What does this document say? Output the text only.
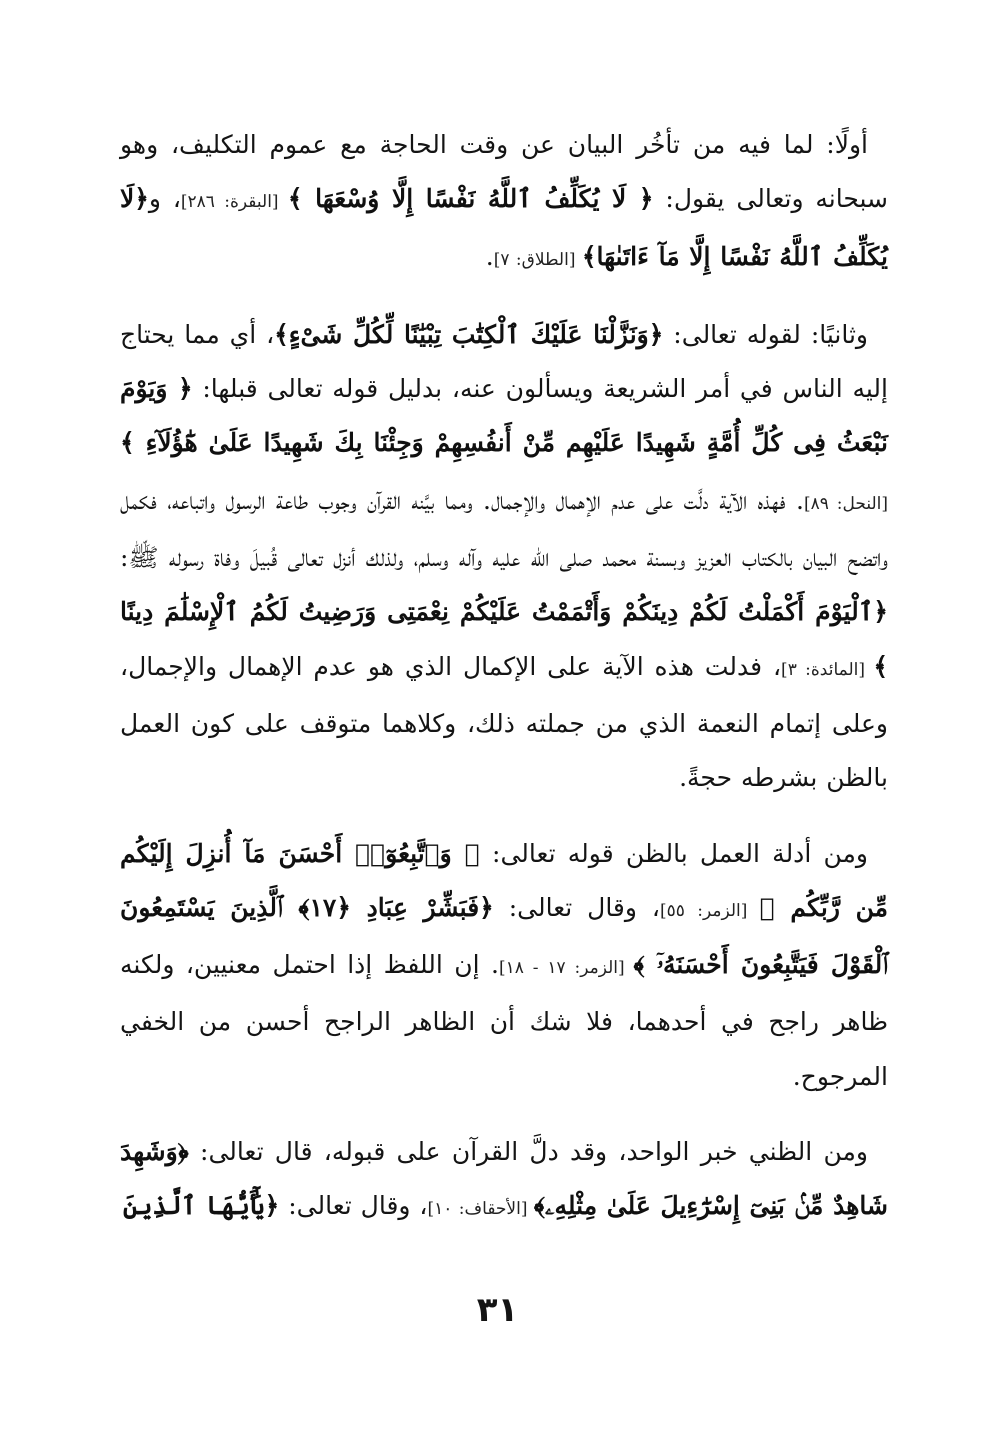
أولًا: لما فيه من تأخُر البيان عن وقت الحاجة مع عموم التكليف، وهو سبحانه وتعالى يقول: ﴿ لَا يُكَلِّفُ ٱللَّهُ نَفْسًا إِلَّا وُسْعَهَا ﴾ [البقرة: ٢٨٦]، و﴿لَا يُكَلِّفُ ٱللَّهُ نَفْسًا إِلَّا مَآ ءَاتَىٰهَا﴾ [الطلاق: ٧].

وثانيًا: لقوله تعالى: ﴿وَنَزَّلْنَا عَلَيْكَ ٱلْكِتَٰبَ تِبْيَٰنًا لِّكُلِّ شَىْءٍ﴾، أي مما يحتاج إليه الناس في أمر الشريعة ويسألون عنه، بدليل قوله تعالى قبلها: ﴿ وَيَوْمَ نَبْعَثُ فِى كُلِّ أُمَّةٍ شَهِيدًا عَلَيْهِم مِّنْ أَنفُسِهِمْ وَجِئْنَا بِكَ شَهِيدًا عَلَىٰ هَٰٓؤُلَآءِ ﴾ [النحل: ٨٩]. فهذه الآية دلَّت على عدم الإهمال والإجمال. ومما بيَّنه القرآن وجوب طاعة الرسول واتباعه، فكمل واتضح البيان بالكتاب العزيز وبسنة محمد صلى الله عليه وآله وسلم، ولذلك أنزل تعالى قُبيلَ وفاة رسوله ﷺ: ﴿ٱلْيَوْمَ أَكْمَلْتُ لَكُمْ دِينَكُمْ وَأَتْمَمْتُ عَلَيْكُمْ نِعْمَتِى وَرَضِيتُ لَكُمُ ٱلْإِسْلَٰمَ دِينًا ﴾ [المائدة: ٣]، فدلت هذه الآية على الإكمال الذي هو عدم الإهمال والإجمال، وعلى إتمام النعمة الذي من جملته ذلك، وكلاهما متوقف على كون العمل بالظن بشرطه حجةً.

ومن أدلة العمل بالظن قوله تعالى: ﴿ وَٱتَّبِعُوٓا۟ أَحْسَنَ مَآ أُنزِلَ إِلَيْكُم مِّن رَّبِّكُم ﴾ [الزمر: ٥٥]، وقال تعالى: ﴿فَبَشِّرْ عِبَادِ ﴿١٧﴾ ٱلَّذِينَ يَسْتَمِعُونَ ٱلْقَوْلَ فَيَتَّبِعُونَ أَحْسَنَهُۥٓ ﴾ [الزمر: ١٧ - ١٨]. إن اللفظ إذا احتمل معنيين، ولكنه ظاهر راجح في أحدهما، فلا شك أن الظاهر الراجح أحسن من الخفي المرجوح.

ومن الظني خبر الواحد، وقد دلَّ القرآن على قبوله، قال تعالى: ﴿وَشَهِدَ شَاهِدٌ مِّنۢ بَنِىٓ إِسْرَٰٓءِيلَ عَلَىٰ مِثْلِهِۦ﴾ [الأحقاف: ١٠]، وقال تعالى: ﴿يَٰٓأَيُّهَا ٱلَّذِينَ

٣١
